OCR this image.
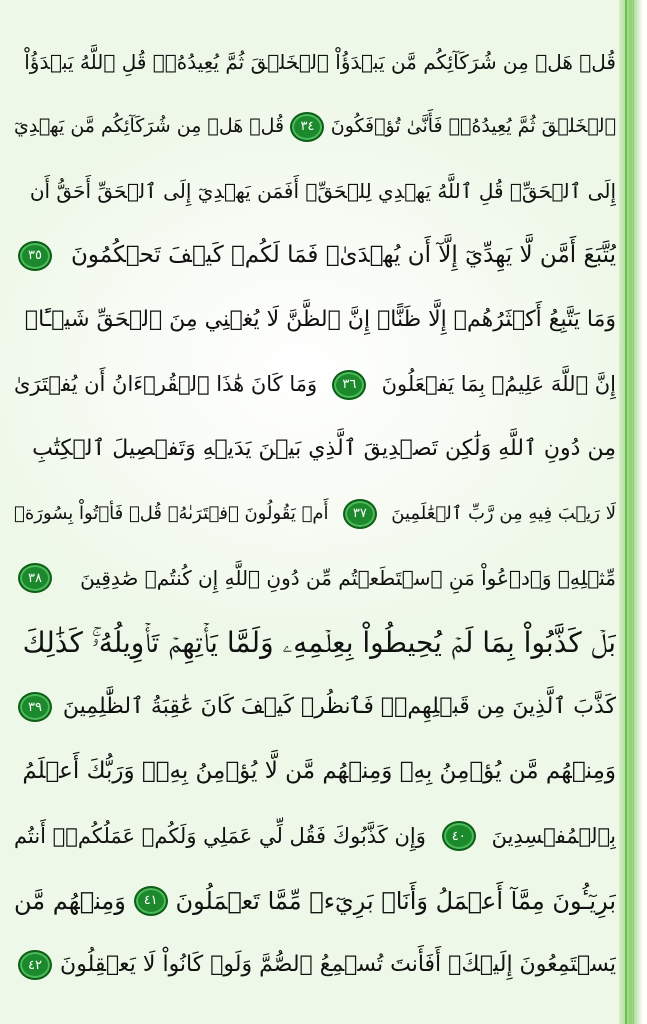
قُلۡ هَلۡ مِن شُرَكَآئِكُم مَّن يَبۡدَؤُاْ ٱلۡخَلۡقَ ثُمَّ يُعِيدُهُۥۚ قُلِ ٱللَّهُ يَبۡدَؤُاْ
ٱلۡخَلۡقَ ثُمَّ يُعِيدُهُۥۖ فَأَنَّىٰ تُؤۡفَكُونَ
٣٤
قُلۡ هَلۡ مِن شُرَكَآئِكُم مَّن يَهۡدِيٓ
إِلَى ٱلۡحَقِّۚ قُلِ ٱللَّهُ يَهۡدِي لِلۡحَقِّۗ أَفَمَن يَهۡدِيٓ إِلَى ٱلۡحَقِّ أَحَقُّ أَن
يُتَّبَعَ أَمَّن لَّا يَهِدِّيٓ إِلَّآ أَن يُهۡدَىٰۖ فَمَا لَكُمۡ كَيۡفَ تَحۡكُمُونَ
٣٥
وَمَا يَتَّبِعُ أَكۡثَرُهُمۡ إِلَّا ظَنًّاۚ إِنَّ ٱلظَّنَّ لَا يُغۡنِي مِنَ ٱلۡحَقِّ شَيۡـًٔاۚ
إِنَّ ٱللَّهَ عَلِيمُۢ بِمَا يَفۡعَلُونَ
٣٦
وَمَا كَانَ هَٰذَا ٱلۡقُرۡءَانُ أَن يُفۡتَرَىٰ
مِن دُونِ ٱللَّهِ وَلَٰكِن تَصۡدِيقَ ٱلَّذِي بَيۡنَ يَدَيۡهِ وَتَفۡصِيلَ ٱلۡكِتَٰبِ
لَا رَيۡبَ فِيهِ مِن رَّبِّ ٱلۡعَٰلَمِينَ
٣٧
أَمۡ يَقُولُونَ ٱفۡتَرَىٰهُۖ قُلۡ فَأۡتُواْ بِسُورَةٖ
مِّثۡلِهِۦ وَٱدۡعُواْ مَنِ ٱسۡتَطَعۡتُم مِّن دُونِ ٱللَّهِ إِن كُنتُمۡ صَٰدِقِينَ
٣٨
بَلۡ كَذَّبُواْ بِمَا لَمۡ يُحِيطُواْ بِعِلۡمِهِۦ وَلَمَّا يَأۡتِهِمۡ تَأۡوِيلُهُۥۚ كَذَٰلِكَ
كَذَّبَ ٱلَّذِينَ مِن قَبۡلِهِمۡۖ فَٱنظُرۡ كَيۡفَ كَانَ عَٰقِبَةُ ٱلظَّٰلِمِينَ
٣٩
وَمِنۡهُم مَّن يُؤۡمِنُ بِهِۦ وَمِنۡهُم مَّن لَّا يُؤۡمِنُ بِهِۦۚ وَرَبُّكَ أَعۡلَمُ
بِٱلۡمُفۡسِدِينَ
٤٠
وَإِن كَذَّبُوكَ فَقُل لِّي عَمَلِي وَلَكُمۡ عَمَلُكُمۡۖ أَنتُم
بَرِيٓـُٔونَ مِمَّآ أَعۡمَلُ وَأَنَا۠ بَرِيٓءٞ مِّمَّا تَعۡمَلُونَ
٤١
وَمِنۡهُم مَّن
يَسۡتَمِعُونَ إِلَيۡكَۚ أَفَأَنتَ تُسۡمِعُ ٱلصُّمَّ وَلَوۡ كَانُواْ لَا يَعۡقِلُونَ
٤٢
